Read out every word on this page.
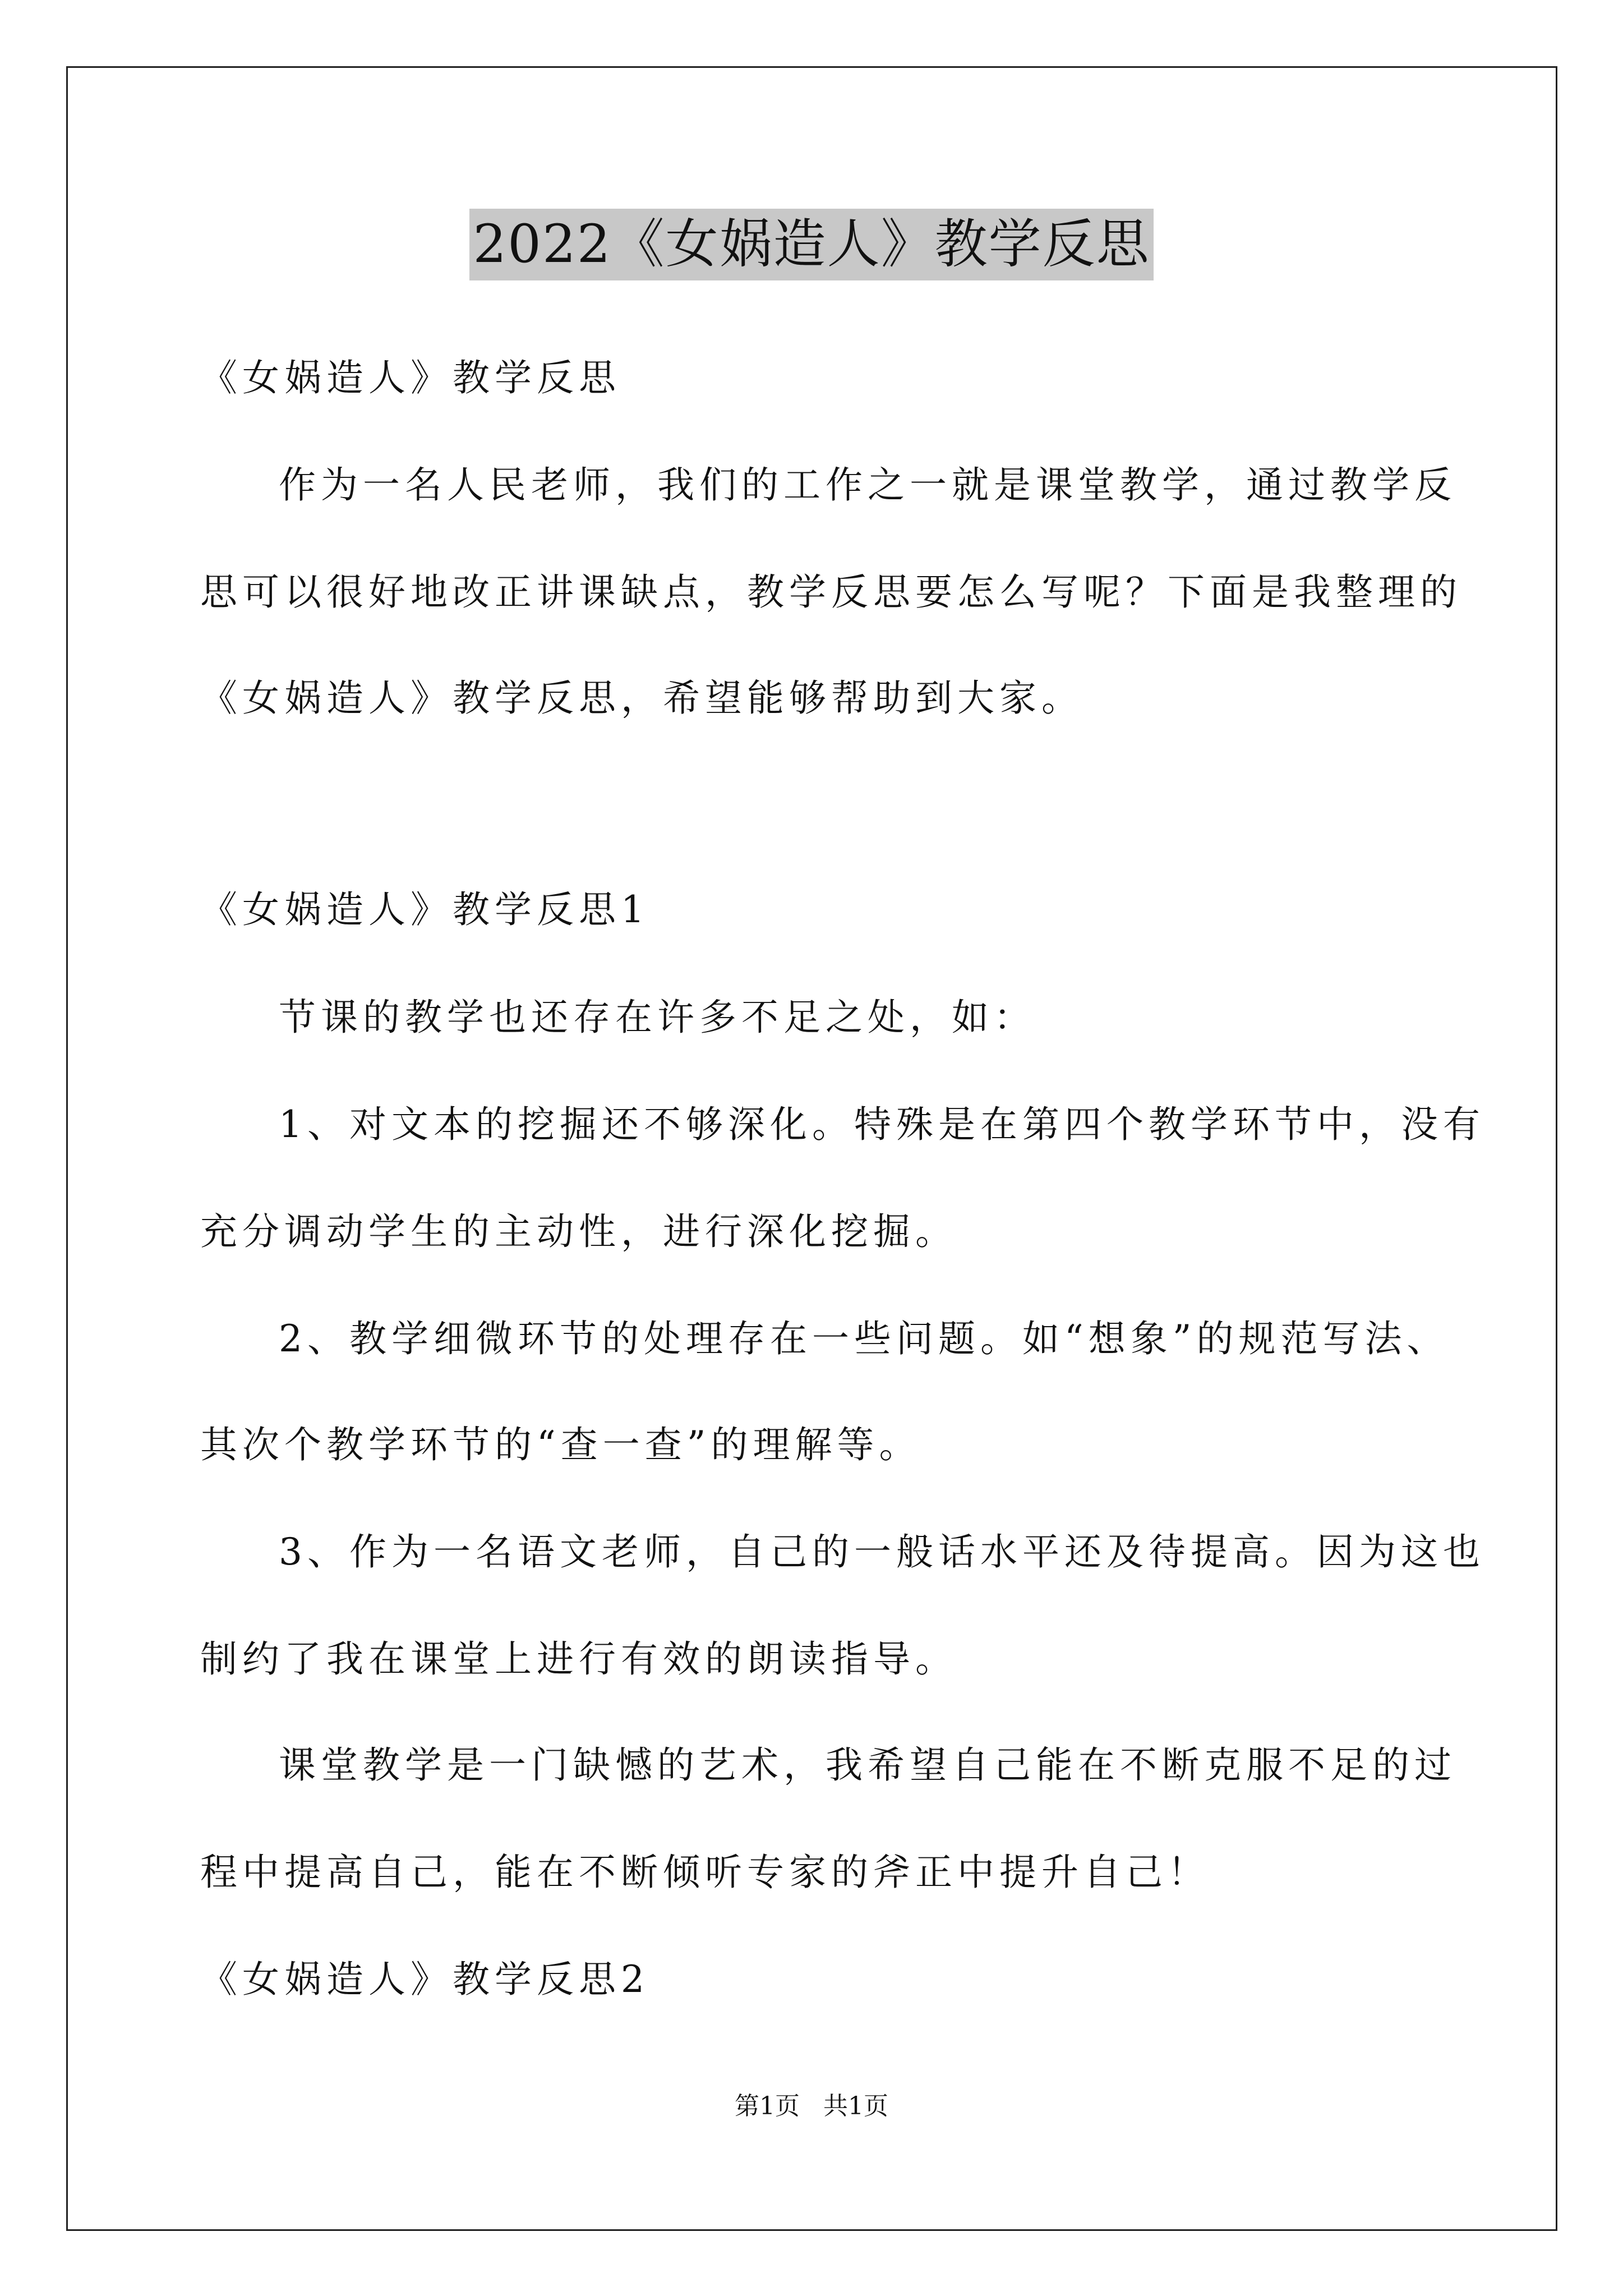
2022《女娲造人》教学反思
《女娲造人》教学反思
作为一名人民老师，我们的工作之一就是课堂教学，通过教学反
思可以很好地改正讲课缺点，教学反思要怎么写呢？下面是我整理的
《女娲造人》教学反思，希望能够帮助到大家。
《女娲造人》教学反思1
节课的教学也还存在许多不足之处，如：
1、对文本的挖掘还不够深化。特殊是在第四个教学环节中，没有
充分调动学生的主动性，进行深化挖掘。
2、教学细微环节的处理存在一些问题。如“想象”的规范写法、
其次个教学环节的“查一查”的理解等。
3、作为一名语文老师，自己的一般话水平还及待提高。因为这也
制约了我在课堂上进行有效的朗读指导。
课堂教学是一门缺憾的艺术，我希望自己能在不断克服不足的过
程中提高自己，能在不断倾听专家的斧正中提升自己！
《女娲造人》教学反思2
第1页 共1页
